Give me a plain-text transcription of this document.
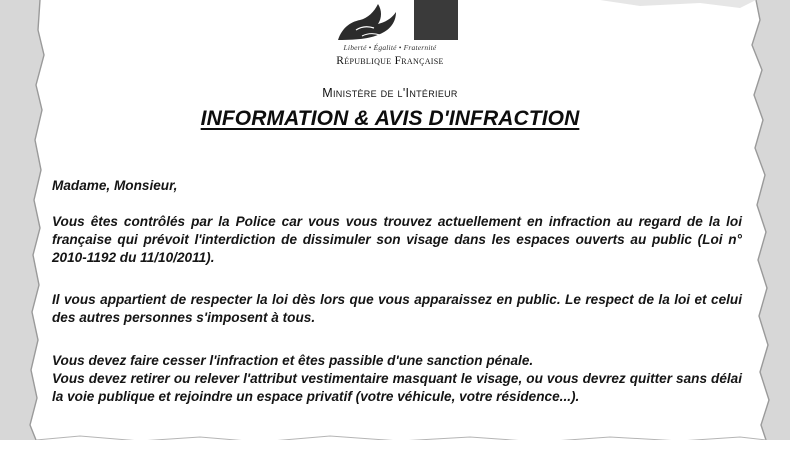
Liberté • Égalité • Fraternité
République Française
Ministère de l'Intérieur
INFORMATION & AVIS D'INFRACTION
Madame, Monsieur,
Vous êtes contrôlés par la Police car vous vous trouvez actuellement en infraction au regard de la loi française qui prévoit l'interdiction de dissimuler son visage dans les espaces ouverts au public (Loi n° 2010-1192 du 11/10/2011).
Il vous appartient de respecter la loi dès lors que vous apparaissez en public. Le respect de la loi et celui des autres personnes s'imposent à tous.
Vous devez faire cesser l'infraction et êtes passible d'une sanction pénale.
Vous devez retirer ou relever l'attribut vestimentaire masquant le visage, ou vous devrez quitter sans délai la voie publique et rejoindre un espace privatif (votre véhicule, votre résidence...).
